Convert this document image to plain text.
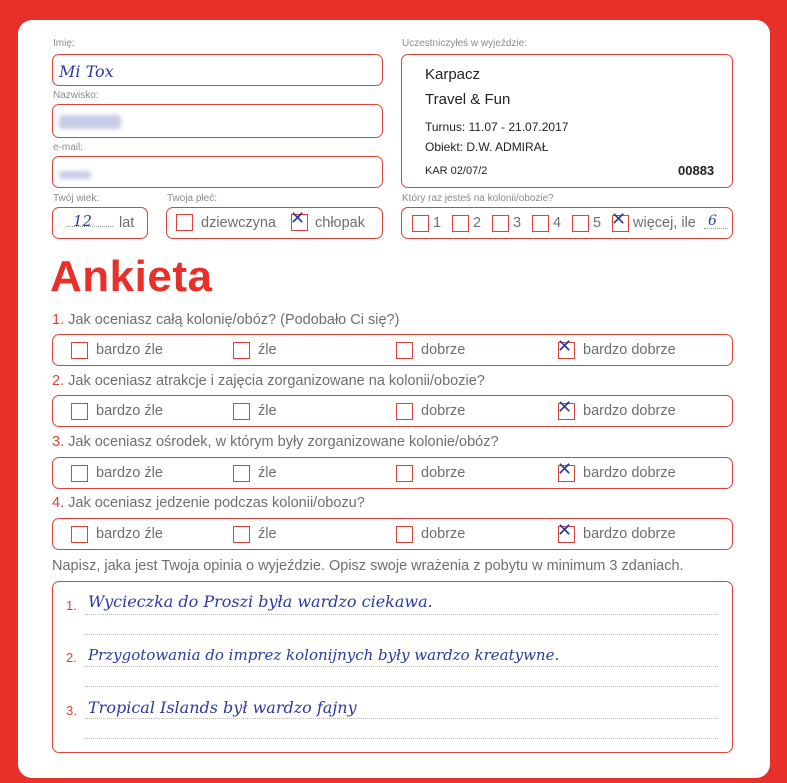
Imię:
Mi Tox
Nazwisko:
e-mail:
Twój wiek:
12 lat
Twoja płeć:
dziewczyna ✕ chłopak
Uczestniczyłeś w wyjeździe:
Karpacz
Travel & Fun
Turnus: 11.07 - 21.07.2017
Obiekt: D.W. ADMIRAŁ
KAR 02/07/2	00883
Który raz jesteś na kolonii/obozie?
1 2 3 4 5 ✕ więcej, ile 6
Ankieta
1. Jak oceniasz całą kolonię/obóz? (Podobało Ci się?)
bardzo źle	źle	dobrze	✕ bardzo dobrze
2. Jak oceniasz atrakcje i zajęcia zorganizowane na kolonii/obozie?
bardzo źle	źle	dobrze	✕ bardzo dobrze
3. Jak oceniasz ośrodek, w którym były zorganizowane kolonie/obóz?
bardzo źle	źle	dobrze	✕ bardzo dobrze
4. Jak oceniasz jedzenie podczas kolonii/obozu?
bardzo źle	źle	dobrze	✕ bardzo dobrze
Napisz, jaka jest Twoja opinia o wyjeździe. Opisz swoje wrażenia z pobytu w minimum 3 zdaniach.
1. Wycieczka do Proszi była wardzo ciekawa.
2. Przygotowania do imprez kolonijnych były wardzo kreatywne.
3. Tropical Islands był wardzo fajny
